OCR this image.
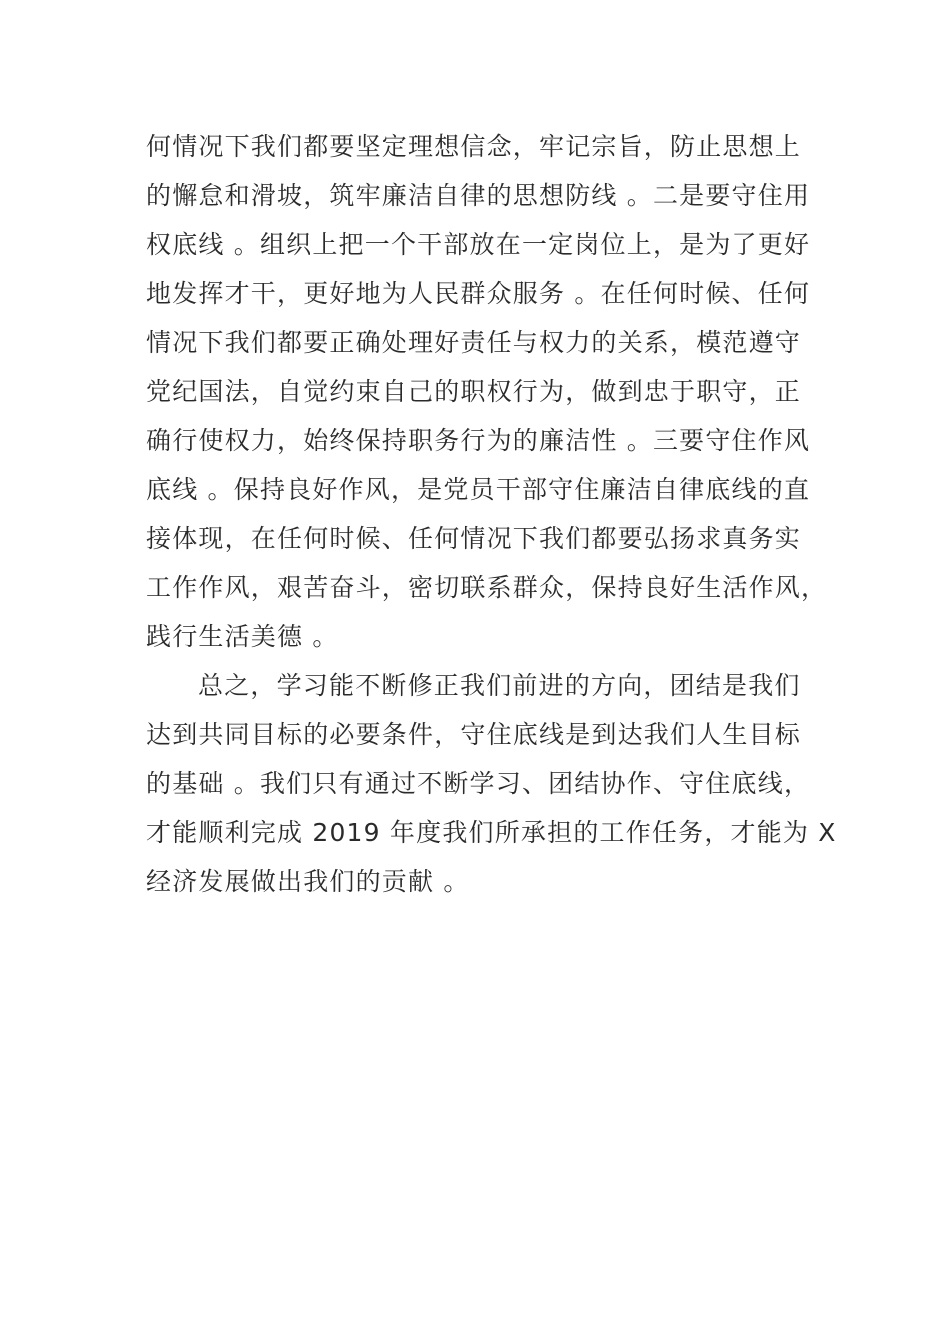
何情况下我们都要坚定理想信念，牢记宗旨，防止思想上
的懈怠和滑坡，筑牢廉洁自律的思想防线 。二是要守住用
权底线 。组织上把一个干部放在一定岗位上，是为了更好
地发挥才干，更好地为人民群众服务 。在任何时候、任何
情况下我们都要正确处理好责任与权力的关系，模范遵守
党纪国法，自觉约束自己的职权行为，做到忠于职守，正
确行使权力，始终保持职务行为的廉洁性 。三要守住作风
底线 。保持良好作风，是党员干部守住廉洁自律底线的直
接体现，在任何时候、任何情况下我们都要弘扬求真务实
工作作风，艰苦奋斗，密切联系群众，保持良好生活作风，
践行生活美德 。
总之，学习能不断修正我们前进的方向，团结是我们
达到共同目标的必要条件，守住底线是到达我们人生目标
的基础 。我们只有通过不断学习、团结协作、守住底线，
才能顺利完成 2019 年度我们所承担的工作任务，才能为 X
经济发展做出我们的贡献 。
